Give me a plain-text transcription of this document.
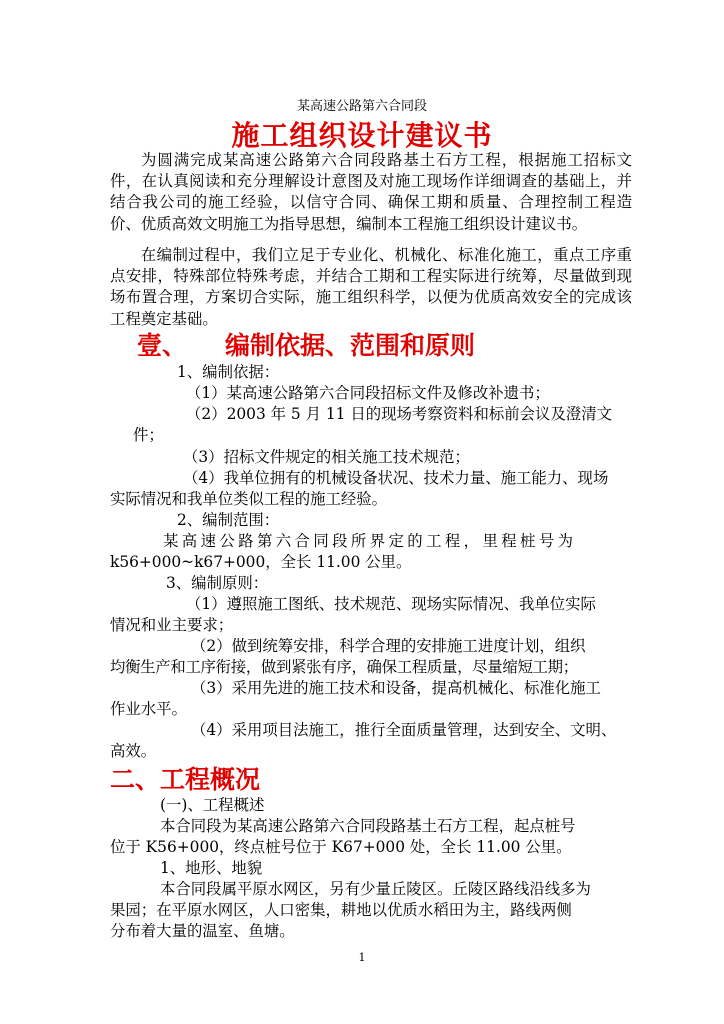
某高速公路第六合同段
施工组织设计建议书
为圆满完成某高速公路第六合同段路基土石方工程，根据施工招标文件，在认真阅读和充分理解设计意图及对施工现场作详细调查的基础上，并结合我公司的施工经验，以信守合同、确保工期和质量、合理控制工程造价、优质高效文明施工为指导思想，编制本工程施工组织设计建议书。
在编制过程中，我们立足于专业化、机械化、标准化施工，重点工序重点安排，特殊部位特殊考虑，并结合工期和工程实际进行统筹，尽量做到现场布置合理，方案切合实际，施工组织科学，以便为优质高效安全的完成该工程奠定基础。
壹、 编制依据、范围和原则
1、编制依据：
（1）某高速公路第六合同段招标文件及修改补遗书；
（2）2003 年 5 月 11 日的现场考察资料和标前会议及澄清文
件；
（3）招标文件规定的相关施工技术规范；
（4）我单位拥有的机械设备状况、技术力量、施工能力、现场
实际情况和我单位类似工程的施工经验。
2、编制范围：
某高速公路第六合同段所界定的工程，里程桩号为
k56+000~k67+000，全长 11.00 公里。
3、编制原则：
（1）遵照施工图纸、技术规范、现场实际情况、我单位实际
情况和业主要求；
（2）做到统筹安排，科学合理的安排施工进度计划，组织
均衡生产和工序衔接，做到紧张有序，确保工程质量，尽量缩短工期；
（3）采用先进的施工技术和设备，提高机械化、标准化施工
作业水平。
（4）采用项目法施工，推行全面质量管理，达到安全、文明、
高效。
二、工程概况
(一)、工程概述
本合同段为某高速公路第六合同段路基土石方工程，起点桩号
位于 K56+000，终点桩号位于 K67+000 处，全长 11.00 公里。
1、地形、地貌
本合同段属平原水网区，另有少量丘陵区。丘陵区路线沿线多为
果园；在平原水网区，人口密集，耕地以优质水稻田为主，路线两侧
分布着大量的温室、鱼塘。
1
